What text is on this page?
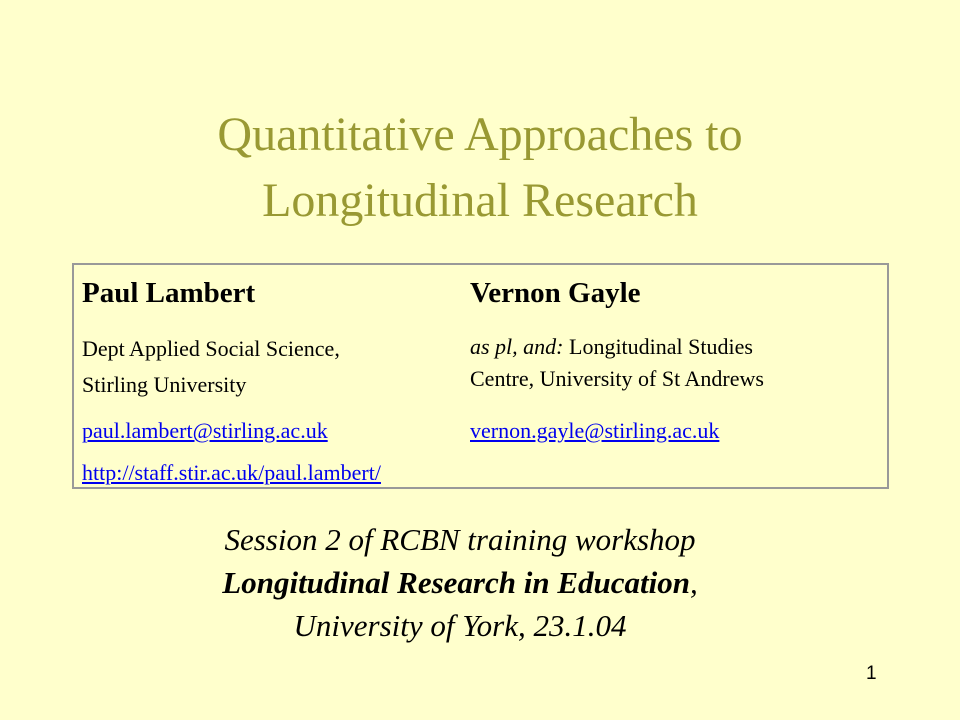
Quantitative Approaches to
Longitudinal Research
Paul Lambert
Dept Applied Social Science,
Stirling University
paul.lambert@stirling.ac.uk
http://staff.stir.ac.uk/paul.lambert/
Vernon Gayle
as pl, and: Longitudinal Studies
Centre, University of St Andrews
vernon.gayle@stirling.ac.uk
Session 2 of RCBN training workshop
Longitudinal Research in Education,
University of York, 23.1.04
1
